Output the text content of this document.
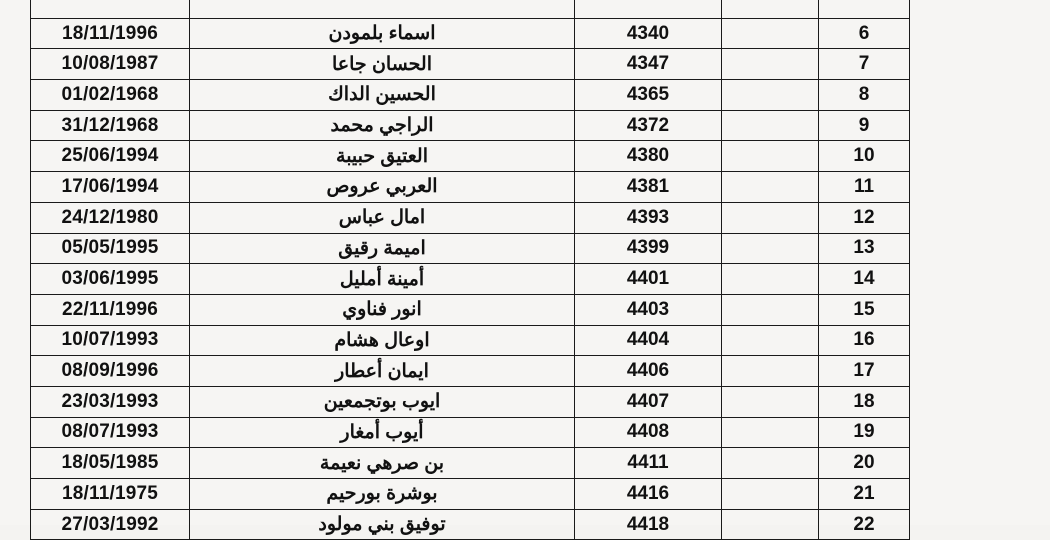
18/11/1996	اسماء بلمودن	4340		6
10/08/1987	الحسان جاعا	4347		7
01/02/1968	الحسين الداك	4365		8
31/12/1968	الراجي محمد	4372		9
25/06/1994	العتيق حبيبة	4380		10
17/06/1994	العربي عروص	4381		11
24/12/1980	امال عباس	4393		12
05/05/1995	اميمة رقيق	4399		13
03/06/1995	أمينة أمليل	4401		14
22/11/1996	انور فناوي	4403		15
10/07/1993	اوعال هشام	4404		16
08/09/1996	ايمان أعطار	4406		17
23/03/1993	ايوب بوتجمعين	4407		18
08/07/1993	أيوب أمغار	4408		19
18/05/1985	بن صرهي نعيمة	4411		20
18/11/1975	بوشرة بورحيم	4416		21
27/03/1992	توفيق بني مولود	4418		22
